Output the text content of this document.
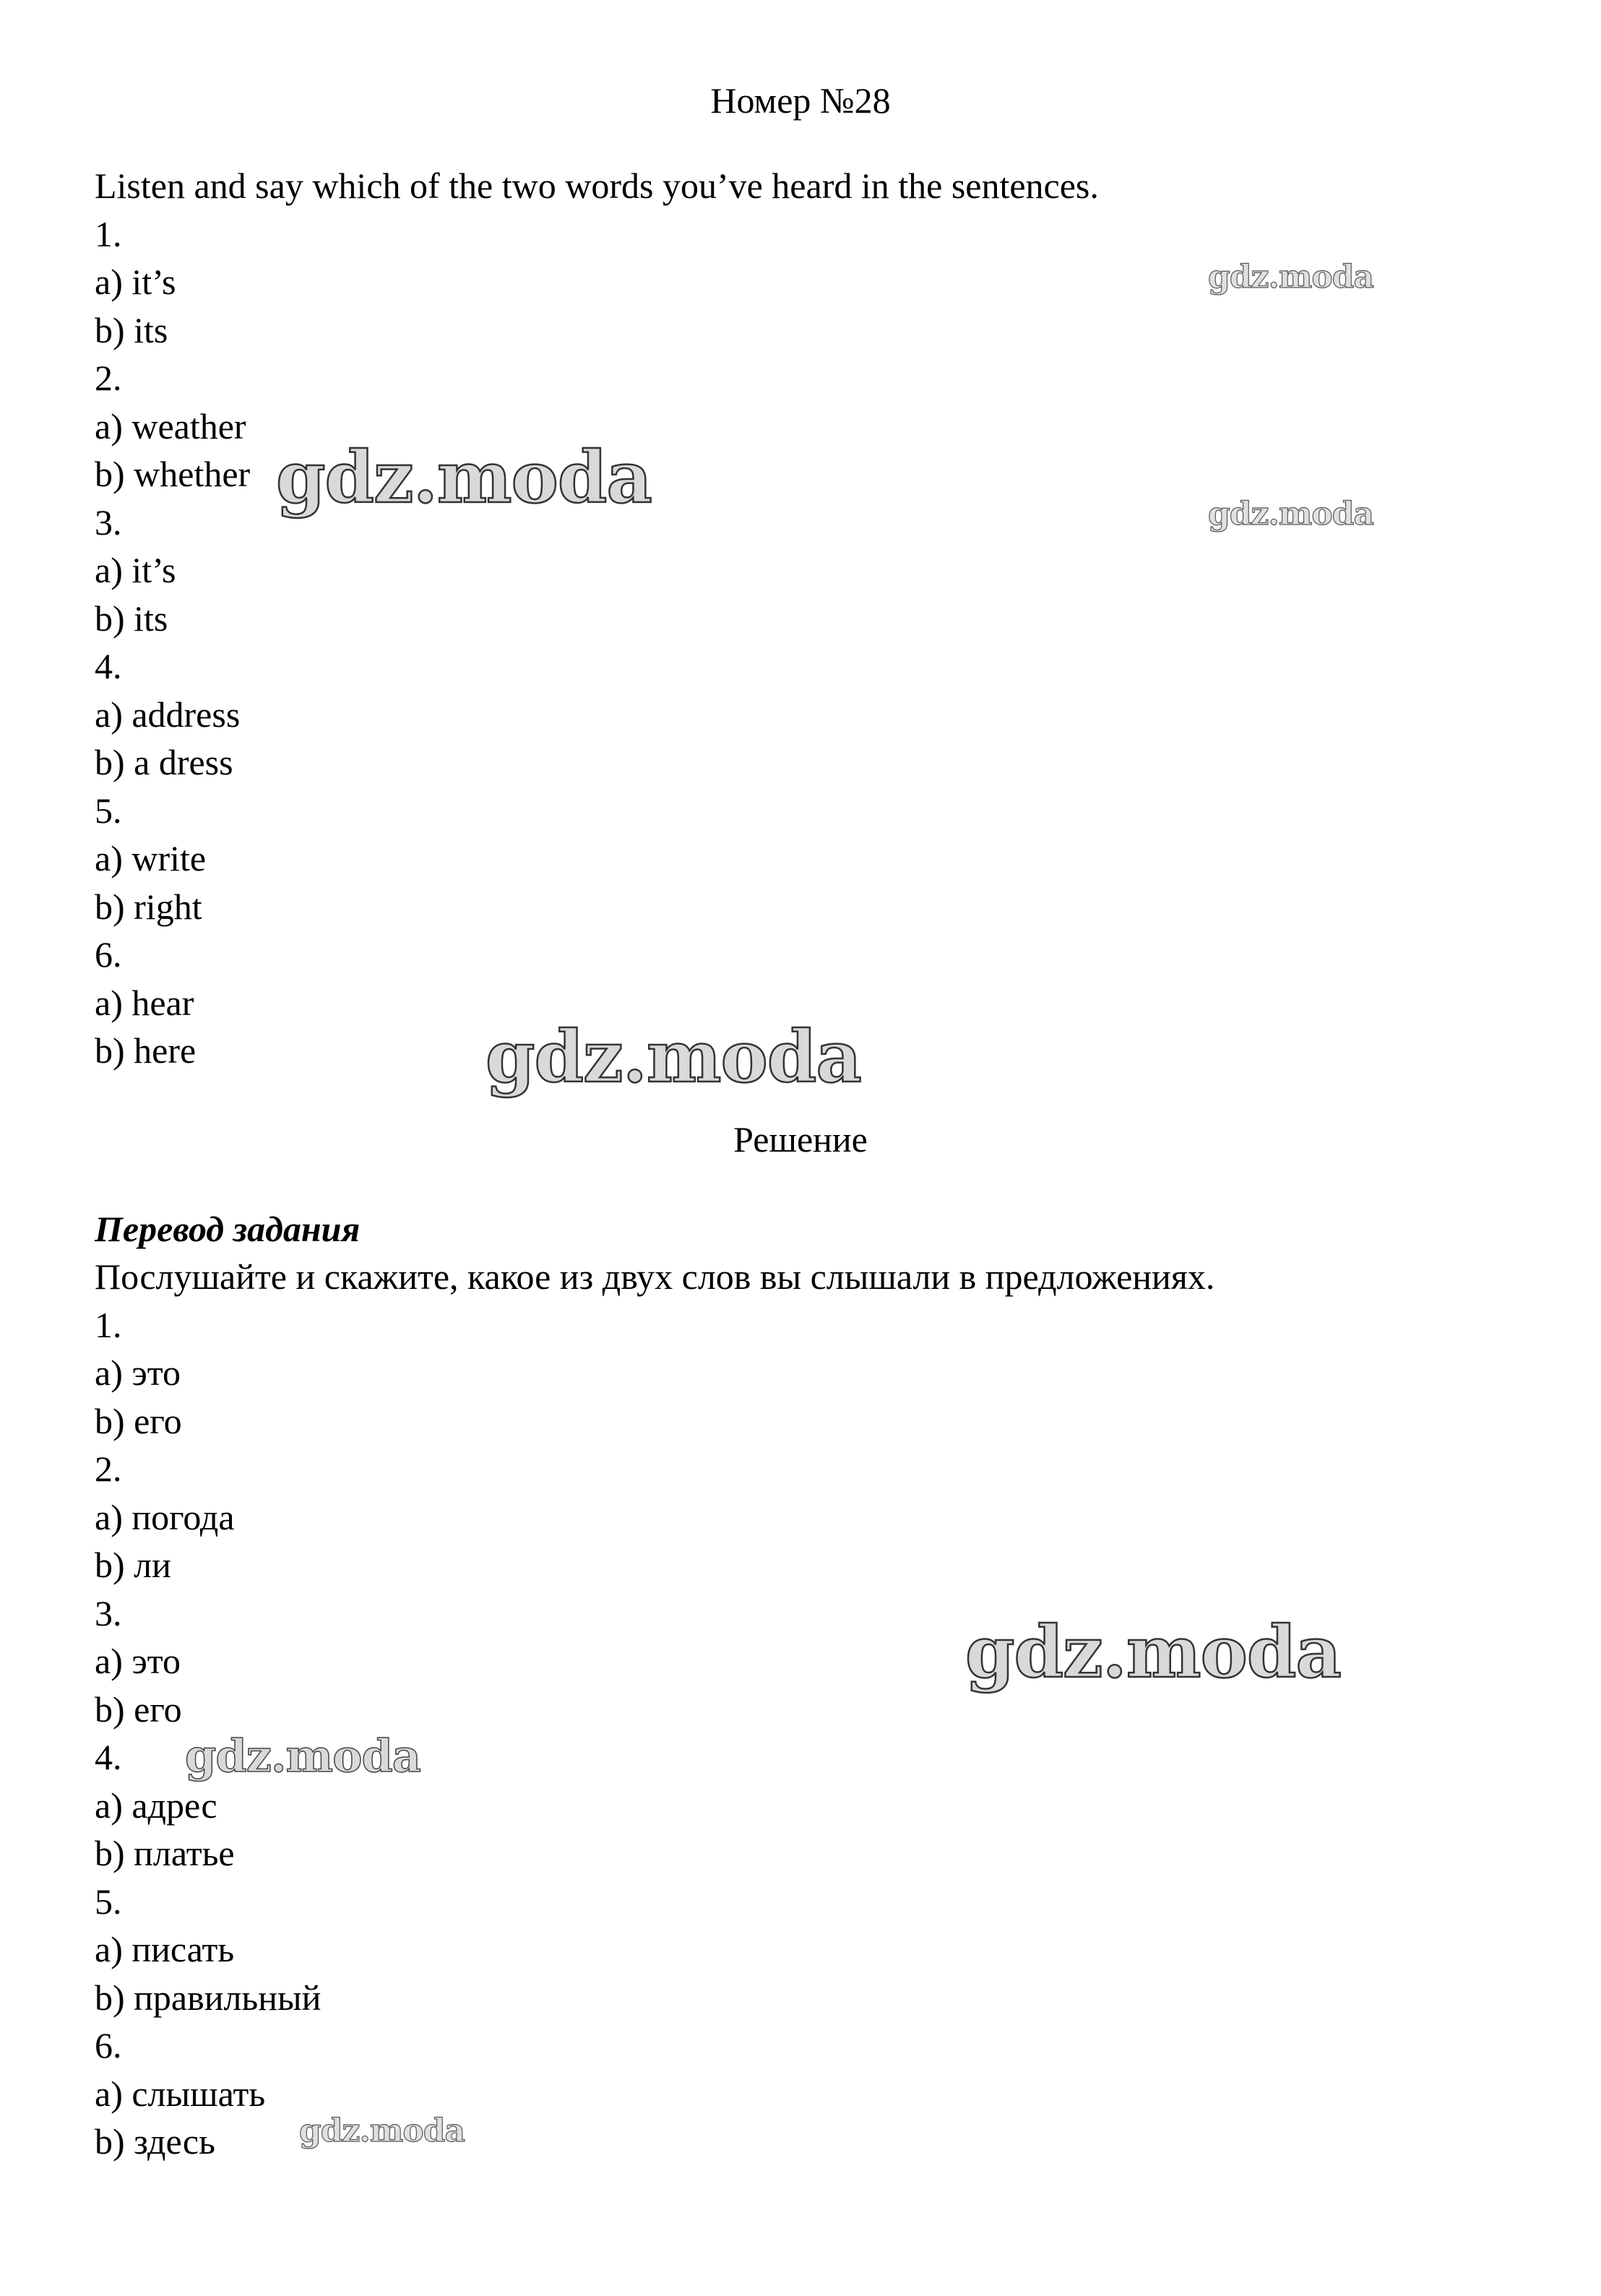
Номер №28
Listen and say which of the two words you’ve heard in the sentences.
1.
a) it’s
b) its
2.
a) weather
b) whether
3.
a) it’s
b) its
4.
a) address
b) a dress
5.
a) write
b) right
6.
a) hear
b) here
Решение
Перевод задания
Послушайте и скажите, какое из двух слов вы слышали в предложениях.
1.
a) это
b) его
2.
a) погода
b) ли
3.
a) это
b) его
4.
a) адрес
b) платье
5.
a) писать
b) правильный
6.
a) слышать
b) здесь
gdz.moda
gdz.moda	gdz.moda
gdz.moda
gdz.moda
gdz.moda
gdz.moda
